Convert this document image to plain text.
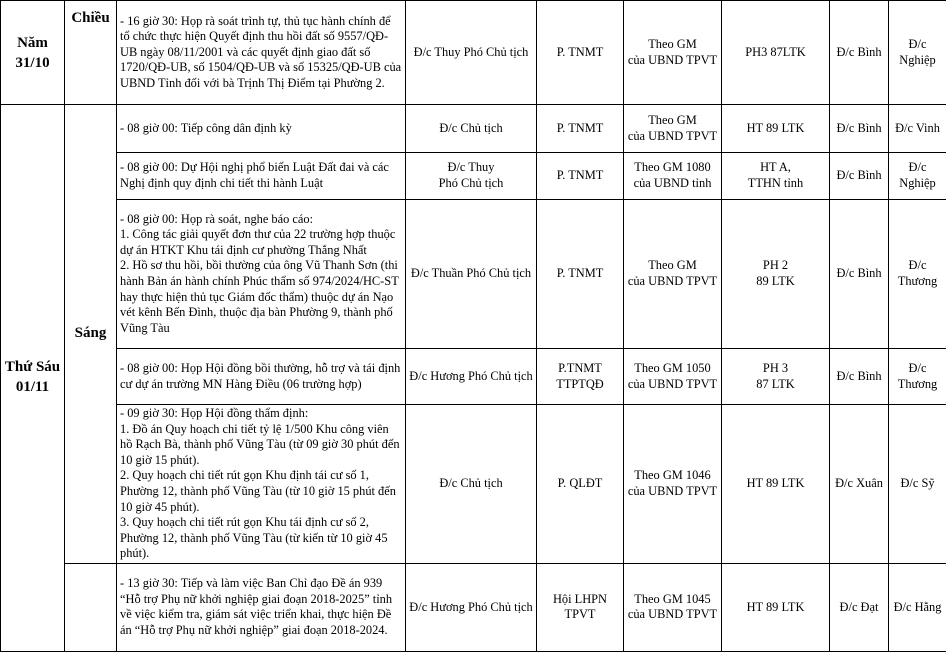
Năm
31/10	Chiều	- 16 giờ 30: Họp rà soát trình tự, thủ tục hành chính để tổ chức thực hiện Quyết định thu hồi đất số 9557/QĐ-UB ngày 08/11/2001 và các quyết định giao đất số 1720/QĐ-UB, số 1504/QĐ-UB và số 15325/QĐ-UB của UBND Tỉnh đối với bà Trịnh Thị Điểm tại Phường 2.	Đ/c Thuy Phó Chủ tịch	P. TNMT	Theo GM
của UBND TPVT	PH3 87LTK	Đ/c Bình	Đ/c Nghiệp

Thứ Sáu
01/11	Sáng	- 08 giờ 00: Tiếp công dân định kỳ	Đ/c Chủ tịch	P. TNMT	Theo GM
của UBND TPVT	HT 89 LTK	Đ/c Bình	Đ/c Vinh

		- 08 giờ 00: Dự Hội nghị phổ biến Luật Đất đai và các Nghị định quy định chi tiết thi hành Luật	Đ/c Thuy
Phó Chủ tịch	P. TNMT	Theo GM 1080
của UBND tỉnh	HT A,
TTHN tỉnh	Đ/c Bình	Đ/c Nghiệp

		- 08 giờ 00: Họp rà soát, nghe báo cáo:
1. Công tác giải quyết đơn thư của 22 trường hợp thuộc dự án HTKT Khu tái định cư phường Thắng Nhất
2. Hồ sơ thu hồi, bồi thường của ông Vũ Thanh Sơn (thi hành Bản án hành chính Phúc thẩm số 974/2024/HC-ST hay thực hiện thủ tục Giám đốc thẩm) thuộc dự án Nạo vét kênh Bến Đình, thuộc địa bàn Phường 9, thành phố Vũng Tàu	Đ/c Thuần Phó Chủ tịch	P. TNMT	Theo GM
của UBND TPVT	PH 2
89 LTK	Đ/c Bình	Đ/c Thương

		- 08 giờ 00: Họp Hội đồng bồi thường, hỗ trợ và tái định cư dự án trường MN Hàng Điều (06 trường hợp)	Đ/c Hương Phó Chủ tịch	P.TNMT
TTPTQĐ	Theo GM 1050
của UBND TPVT	PH 3
87 LTK	Đ/c Bình	Đ/c Thương

		- 09 giờ 30: Họp Hội đồng thẩm định:
1. Đồ án Quy hoạch chi tiết tỷ lệ 1/500 Khu công viên hồ Rạch Bà, thành phố Vũng Tàu (từ 09 giờ 30 phút đến 10 giờ 15 phút).
2. Quy hoạch chi tiết rút gọn Khu định tái cư số 1, Phường 12, thành phố Vũng Tàu (từ 10 giờ 15 phút đến 10 giờ 45 phút).
3. Quy hoạch chi tiết rút gọn Khu tái định cư số 2, Phường 12, thành phố Vũng Tàu (từ kiến từ 10 giờ 45 phút).	Đ/c Chủ tịch	P. QLĐT	Theo GM 1046
của UBND TPVT	HT 89 LTK	Đ/c Xuân	Đ/c Sỹ

		- 13 giờ 30: Tiếp và làm việc Ban Chỉ đạo Đề án 939 “Hỗ trợ Phụ nữ khởi nghiệp giai đoạn 2018-2025” tỉnh về việc kiểm tra, giám sát việc triển khai, thực hiện Đề án “Hỗ trợ Phụ nữ khởi nghiệp” giai đoạn 2018-2024.	Đ/c Hương Phó Chủ tịch	Hội LHPN
TPVT	Theo GM 1045
của UBND TPVT	HT 89 LTK	Đ/c Đạt	Đ/c Hằng
